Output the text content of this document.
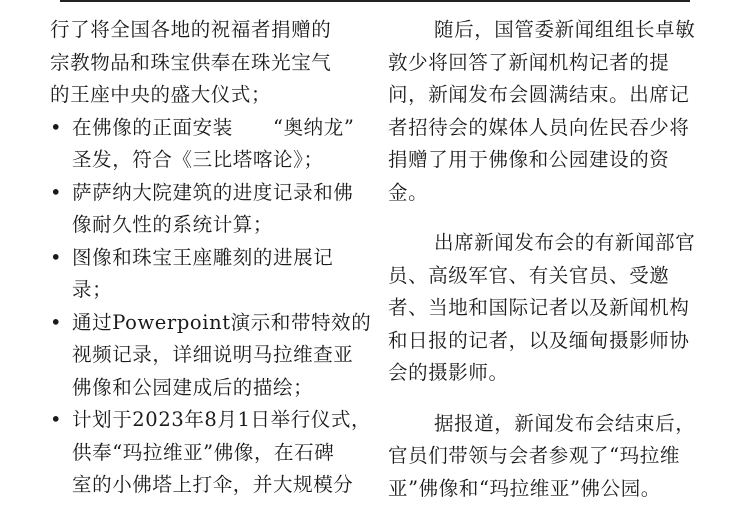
行了将全国各地的祝福者捐赠的
宗教物品和珠宝供奉在珠光宝气
的王座中央的盛大仪式；
• 在佛像的正面安装　　“奥纳龙”
圣发，符合《三比塔喀论》；
• 萨萨纳大院建筑的进度记录和佛
像耐久性的系统计算；
• 图像和珠宝王座雕刻的进展记
录；
• 通过Powerpoint演示和带特效的
视频记录，详细说明马拉维查亚
佛像和公园建成后的描绘；
• 计划于2023年8月1日举行仪式，
供奉“玛拉维亚”佛像，在石碑
室的小佛塔上打伞，并大规模分
随后，国管委新闻组组长卓敏
敦少将回答了新闻机构记者的提
问，新闻发布会圆满结束。出席记
者招待会的媒体人员向佐民吞少将
捐赠了用于佛像和公园建设的资
金。
出席新闻发布会的有新闻部官
员、高级军官、有关官员、受邀
者、当地和国际记者以及新闻机构
和日报的记者，以及缅甸摄影师协
会的摄影师。
据报道，新闻发布会结束后，
官员们带领与会者参观了“玛拉维
亚”佛像和“玛拉维亚”佛公园。
